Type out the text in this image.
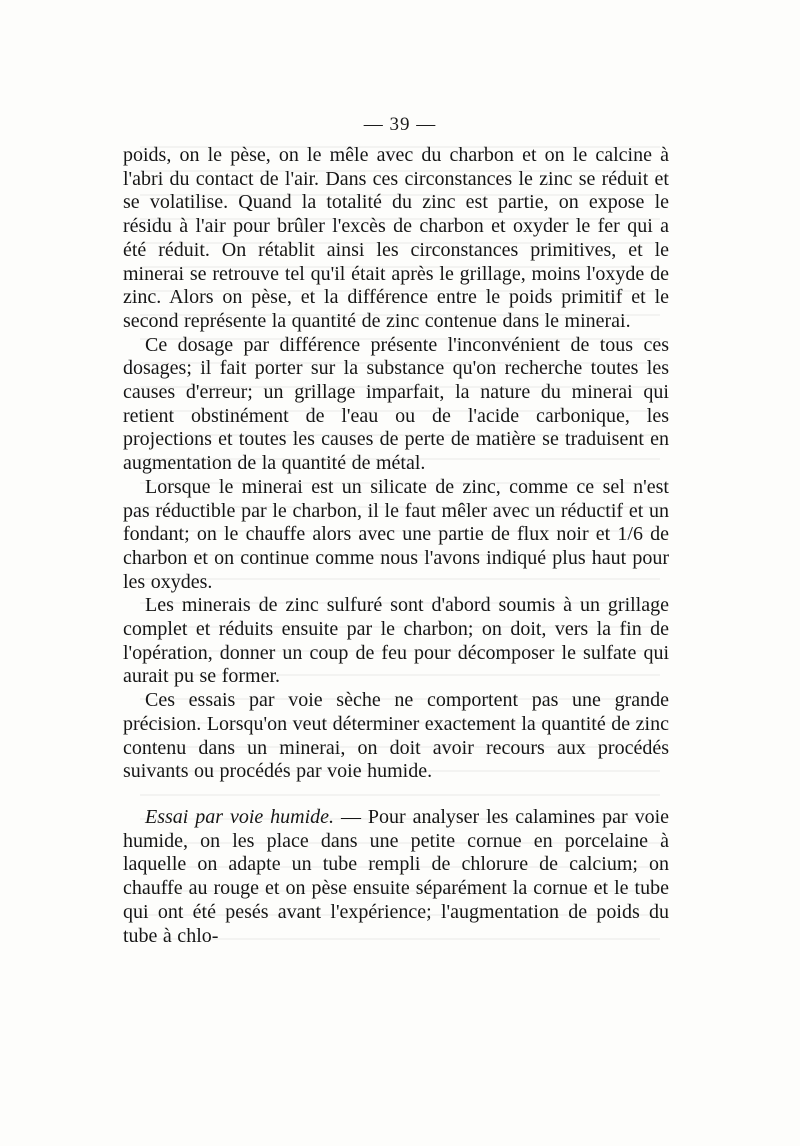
— 39 —

poids, on le pèse, on le mêle avec du charbon et on le calcine à l'abri du contact de l'air. Dans ces circonstances le zinc se réduit et se volatilise. Quand la totalité du zinc est partie, on expose le résidu à l'air pour brûler l'excès de charbon et oxyder le fer qui a été réduit. On rétablit ainsi les circonstances primitives, et le minerai se retrouve tel qu'il était après le grillage, moins l'oxyde de zinc. Alors on pèse, et la différence entre le poids primitif et le second représente la quantité de zinc contenue dans le minerai.

Ce dosage par différence présente l'inconvénient de tous ces dosages; il fait porter sur la substance qu'on recherche toutes les causes d'erreur; un grillage imparfait, la nature du minerai qui retient obstinément de l'eau ou de l'acide carbonique, les projections et toutes les causes de perte de matière se traduisent en augmentation de la quantité de métal.

Lorsque le minerai est un silicate de zinc, comme ce sel n'est pas réductible par le charbon, il le faut mêler avec un réductif et un fondant; on le chauffe alors avec une partie de flux noir et 1/6 de charbon et on continue comme nous l'avons indiqué plus haut pour les oxydes.

Les minerais de zinc sulfuré sont d'abord soumis à un grillage complet et réduits ensuite par le charbon; on doit, vers la fin de l'opération, donner un coup de feu pour décomposer le sulfate qui aurait pu se former.

Ces essais par voie sèche ne comportent pas une grande précision. Lorsqu'on veut déterminer exactement la quantité de zinc contenu dans un minerai, on doit avoir recours aux procédés suivants ou procédés par voie humide.

Essai par voie humide. — Pour analyser les calamines par voie humide, on les place dans une petite cornue en porcelaine à laquelle on adapte un tube rempli de chlorure de calcium; on chauffe au rouge et on pèse ensuite séparément la cornue et le tube qui ont été pesés avant l'expérience; l'augmentation de poids du tube à chlo-
